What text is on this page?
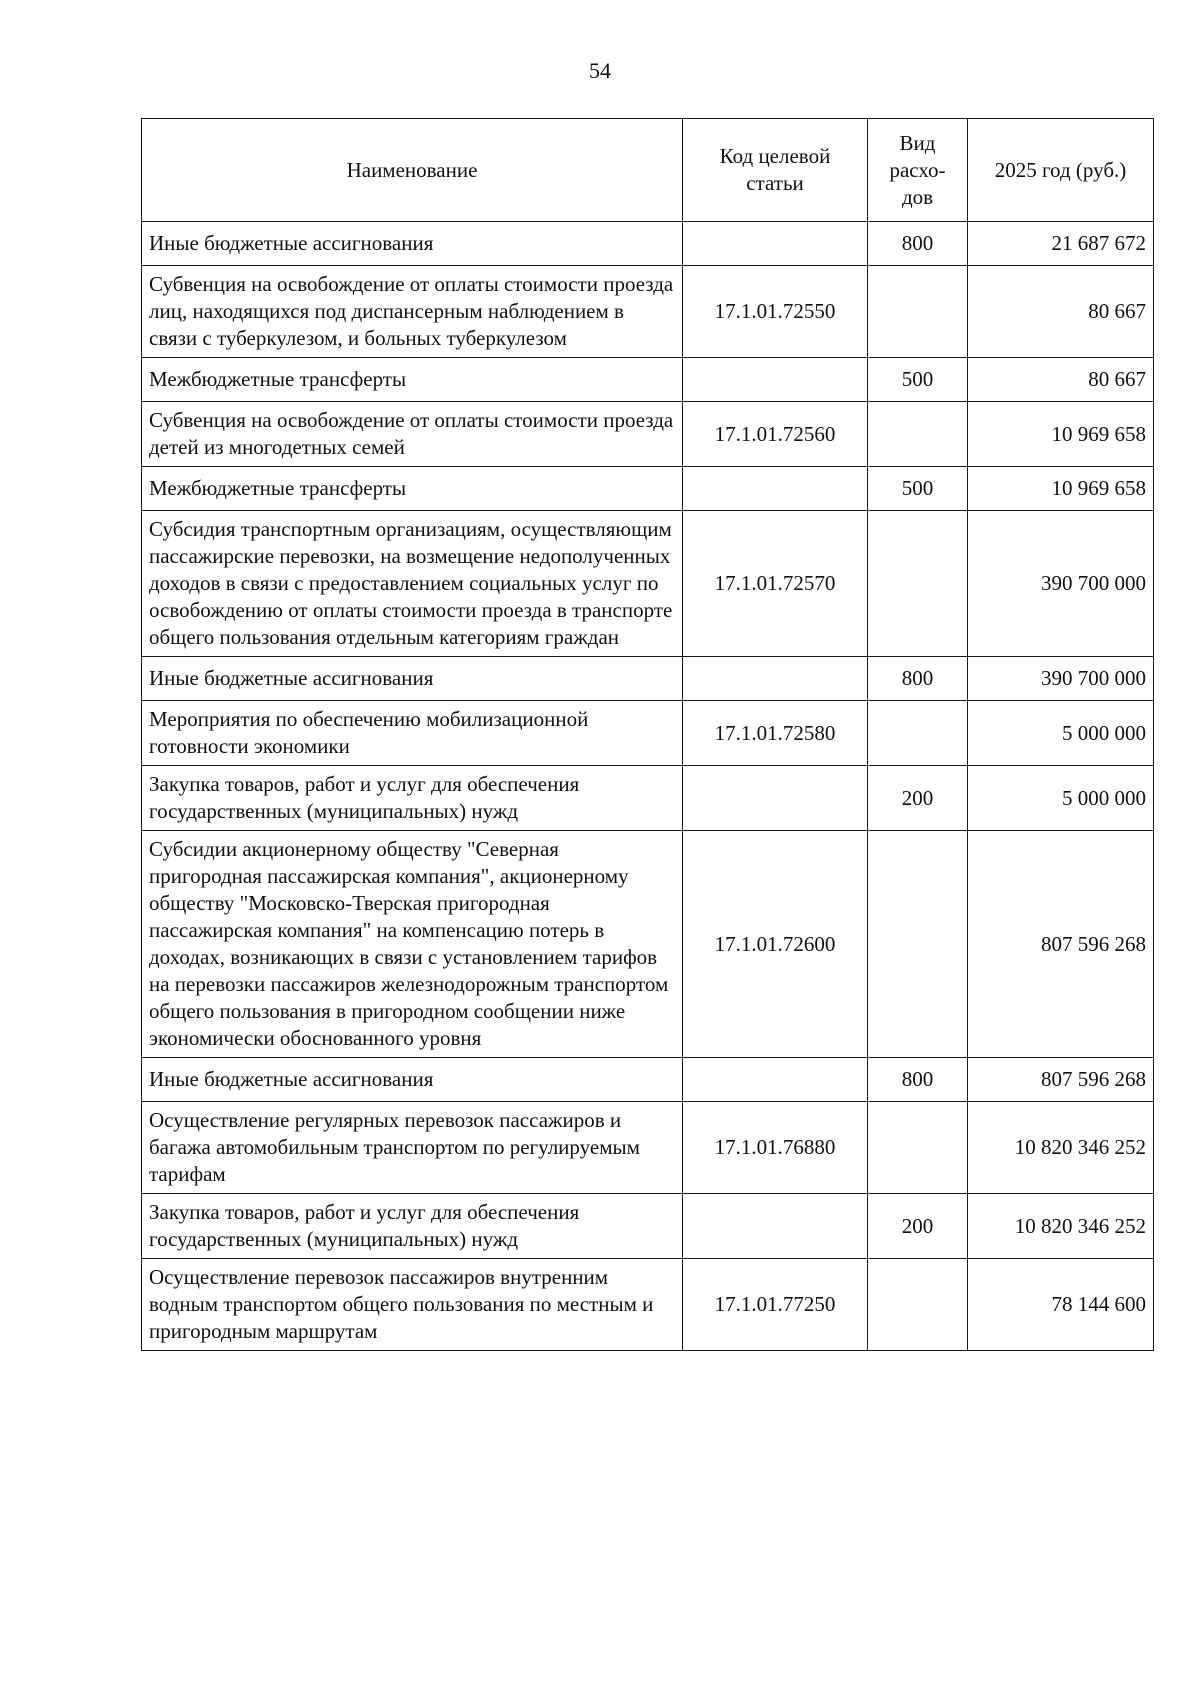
54
Наименование	Код целевой статьи	Вид расхо-дов	2025 год (руб.)
Иные бюджетные ассигнования		800	21 687 672
Субвенция на освобождение от оплаты стоимости проезда лиц, находящихся под диспансерным наблюдением в связи с туберкулезом, и больных туберкулезом	17.1.01.72550		80 667
Межбюджетные трансферты		500	80 667
Субвенция на освобождение от оплаты стоимости проезда детей из многодетных семей	17.1.01.72560		10 969 658
Межбюджетные трансферты		500	10 969 658
Субсидия транспортным организациям, осуществляющим пассажирские перевозки, на возмещение недополученных доходов в связи с предоставлением социальных услуг по освобождению от оплаты стоимости проезда в транспорте общего пользования отдельным категориям граждан	17.1.01.72570		390 700 000
Иные бюджетные ассигнования		800	390 700 000
Мероприятия по обеспечению мобилизационной готовности экономики	17.1.01.72580		5 000 000
Закупка товаров, работ и услуг для обеспечения государственных (муниципальных) нужд		200	5 000 000
Субсидии акционерному обществу "Северная пригородная пассажирская компания", акционерному обществу "Московско-Тверская пригородная пассажирская компания" на компенсацию потерь в доходах, возникающих в связи с установлением тарифов на перевозки пассажиров железнодорожным транспортом общего пользования в пригородном сообщении ниже экономически обоснованного уровня	17.1.01.72600		807 596 268
Иные бюджетные ассигнования		800	807 596 268
Осуществление регулярных перевозок пассажиров и багажа автомобильным транспортом по регулируемым тарифам	17.1.01.76880		10 820 346 252
Закупка товаров, работ и услуг для обеспечения государственных (муниципальных) нужд		200	10 820 346 252
Осуществление перевозок пассажиров внутренним водным транспортом общего пользования по местным и пригородным маршрутам	17.1.01.77250		78 144 600
